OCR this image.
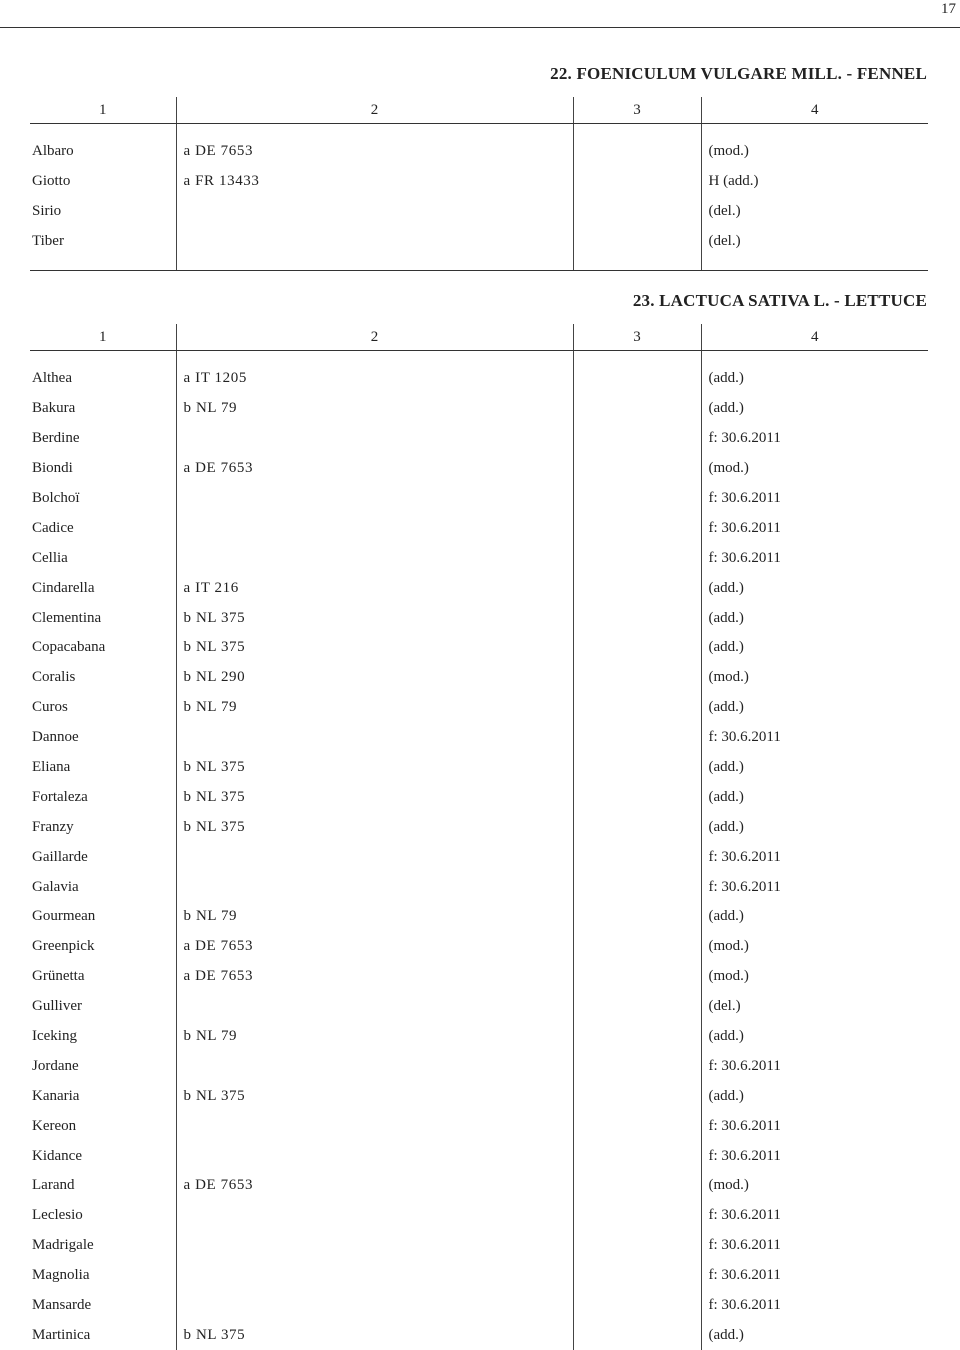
17
22. FOENICULUM VULGARE MILL. - FENNEL
1	2	3	4

Albaro	a DE 7653		(mod.)
Giotto	a FR 13433		H (add.)
Sirio			(del.)
Tiber			(del.)

23. LACTUCA SATIVA L. - LETTUCE
1	2	3	4

Althea	a IT 1205		(add.)
Bakura	b NL 79		(add.)
Berdine			f: 30.6.2011
Biondi	a DE 7653		(mod.)
Bolchoï			f: 30.6.2011
Cadice			f: 30.6.2011
Cellia			f: 30.6.2011
Cindarella	a IT 216		(add.)
Clementina	b NL 375		(add.)
Copacabana	b NL 375		(add.)
Coralis	b NL 290		(mod.)
Curos	b NL 79		(add.)
Dannoe			f: 30.6.2011
Eliana	b NL 375		(add.)
Fortaleza	b NL 375		(add.)
Franzy	b NL 375		(add.)
Gaillarde			f: 30.6.2011
Galavia			f: 30.6.2011
Gourmean	b NL 79		(add.)
Greenpick	a DE 7653		(mod.)
Grünetta	a DE 7653		(mod.)
Gulliver			(del.)
Iceking	b NL 79		(add.)
Jordane			f: 30.6.2011
Kanaria	b NL 375		(add.)
Kereon			f: 30.6.2011
Kidance			f: 30.6.2011
Larand	a DE 7653		(mod.)
Leclesio			f: 30.6.2011
Madrigale			f: 30.6.2011
Magnolia			f: 30.6.2011
Mansarde			f: 30.6.2011
Martinica	b NL 375		(add.)
